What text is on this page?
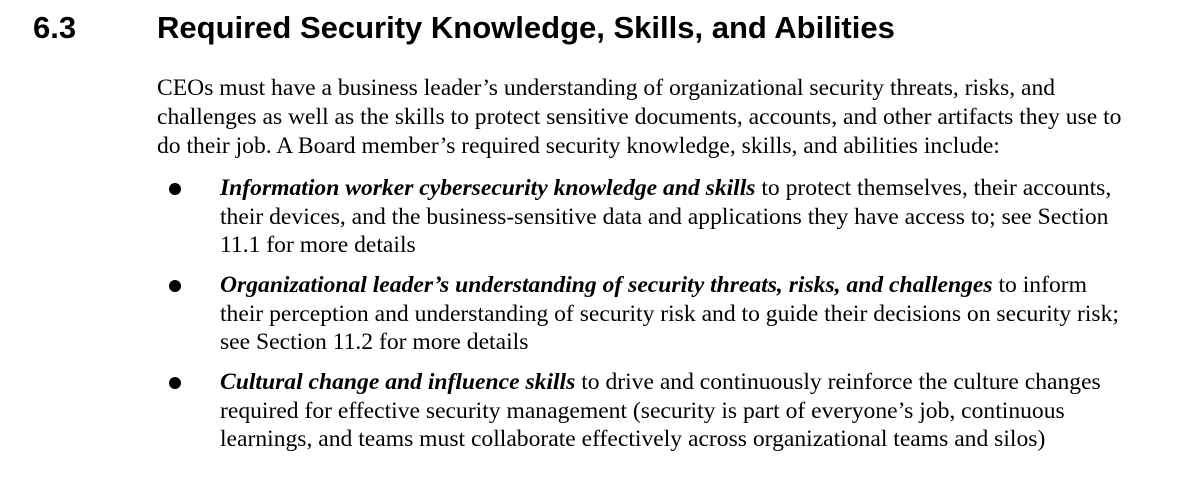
6.3	Required Security Knowledge, Skills, and Abilities

CEOs must have a business leader’s understanding of organizational security threats, risks, and challenges as well as the skills to protect sensitive documents, accounts, and other artifacts they use to do their job. A Board member’s required security knowledge, skills, and abilities include:

Information worker cybersecurity knowledge and skills to protect themselves, their accounts, their devices, and the business-sensitive data and applications they have access to; see Section 11.1 for more details

Organizational leader’s understanding of security threats, risks, and challenges to inform their perception and understanding of security risk and to guide their decisions on security risk; see Section 11.2 for more details

Cultural change and influence skills to drive and continuously reinforce the culture changes required for effective security management (security is part of everyone’s job, continuous learnings, and teams must collaborate effectively across organizational teams and silos)
